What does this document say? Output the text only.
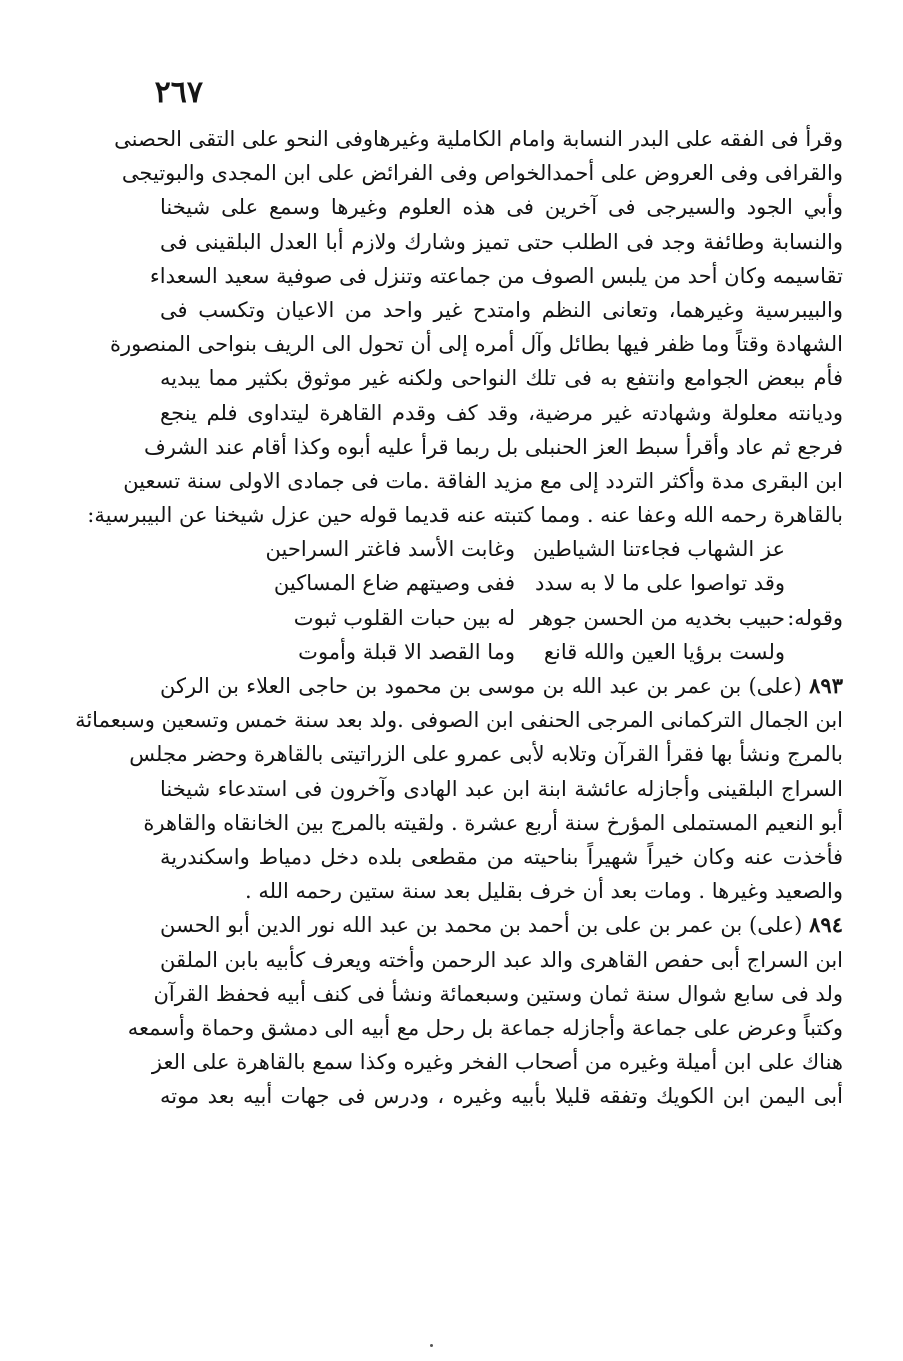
٢٦٧
وقرأ فى الفقه على البدر النسابة وامام الكاملية وغيرهاوفى النحو على التقى الحصنى
والقرافى وفى العروض على أحمدالخواص وفى الفرائض على ابن المجدى والبوتيجى
وأبي الجود والسيرجى فى آخرين فى هذه العلوم وغيرها وسمع على شيخنا
والنسابة وطائفة وجد فى الطلب حتى تميز وشارك ولازم أبا العدل البلقينى فى
تقاسيمه وكان أحد من يلبس الصوف من جماعته وتنزل فى صوفية سعيد السعداء
والبيبرسية وغيرهما، وتعانى النظم وامتدح غير واحد من الاعيان وتكسب فى
الشهادة وقتاً وما ظفر فيها بطائل وآل أمره إلى أن تحول الى الريف بنواحى المنصورة
فأم ببعض الجوامع وانتفع به فى تلك النواحى ولكنه غير موثوق بكثير مما يبديه
وديانته معلولة وشهادته غير مرضية، وقد كف وقدم القاهرة ليتداوى فلم ينجع
فرجع ثم عاد وأقرأ سبط العز الحنبلى بل ربما قرأ عليه أبوه وكذا أقام عند الشرف
ابن البقرى مدة وأكثر التردد إلى مع مزيد الفاقة .مات فى جمادى الاولى سنة تسعين
بالقاهرة رحمه الله وعفا عنه . ومما كتبته عنه قديما قوله حين عزل شيخنا عن البيبرسية:
عز الشهاب فجاءتنا الشياطين
وغابت الأسد فاغتر السراحين
وقد تواصوا على ما لا به سدد
ففى وصيتهم ضاع المساكين
وقوله:
حبيب بخديه من الحسن جوهر
له بين حبات القلوب ثبوت
ولست برؤيا العين والله قانع
وما القصد الا قبلة وأموت
٨٩٣ (على) بن عمر بن عبد الله بن موسى بن محمود بن حاجى العلاء بن الركن
ابن الجمال التركمانى المرجى الحنفى ابن الصوفى .ولد بعد سنة خمس وتسعين وسبعمائة
بالمرج ونشأ بها فقرأ القرآن وتلابه لأبى عمرو على الزراتيتى بالقاهرة وحضر مجلس
السراج البلقينى وأجازله عائشة ابنة ابن عبد الهادى وآخرون فى استدعاء شيخنا
أبو النعيم المستملى المؤرخ سنة أربع عشرة . ولقيته بالمرج بين الخانقاه والقاهرة
فأخذت عنه وكان خيراً شهيراً بناحيته من مقطعى بلده دخل دمياط واسكندرية
والصعيد وغيرها . ومات بعد أن خرف بقليل بعد سنة ستين رحمه الله .
٨٩٤ (على) بن عمر بن على بن أحمد بن محمد بن عبد الله نور الدين أبو الحسن
ابن السراج أبى حفص القاهرى والد عبد الرحمن وأخته ويعرف كأبيه بابن الملقن
ولد فى سابع شوال سنة ثمان وستين وسبعمائة ونشأ فى كنف أبيه فحفظ القرآن
وكتباً وعرض على جماعة وأجازله جماعة بل رحل مع أبيه الى دمشق وحماة وأسمعه
هناك على ابن أميلة وغيره من أصحاب الفخر وغيره وكذا سمع بالقاهرة على العز
أبى اليمن ابن الكويك وتفقه قليلا بأبيه وغيره ، ودرس فى جهات أبيه بعد موته
